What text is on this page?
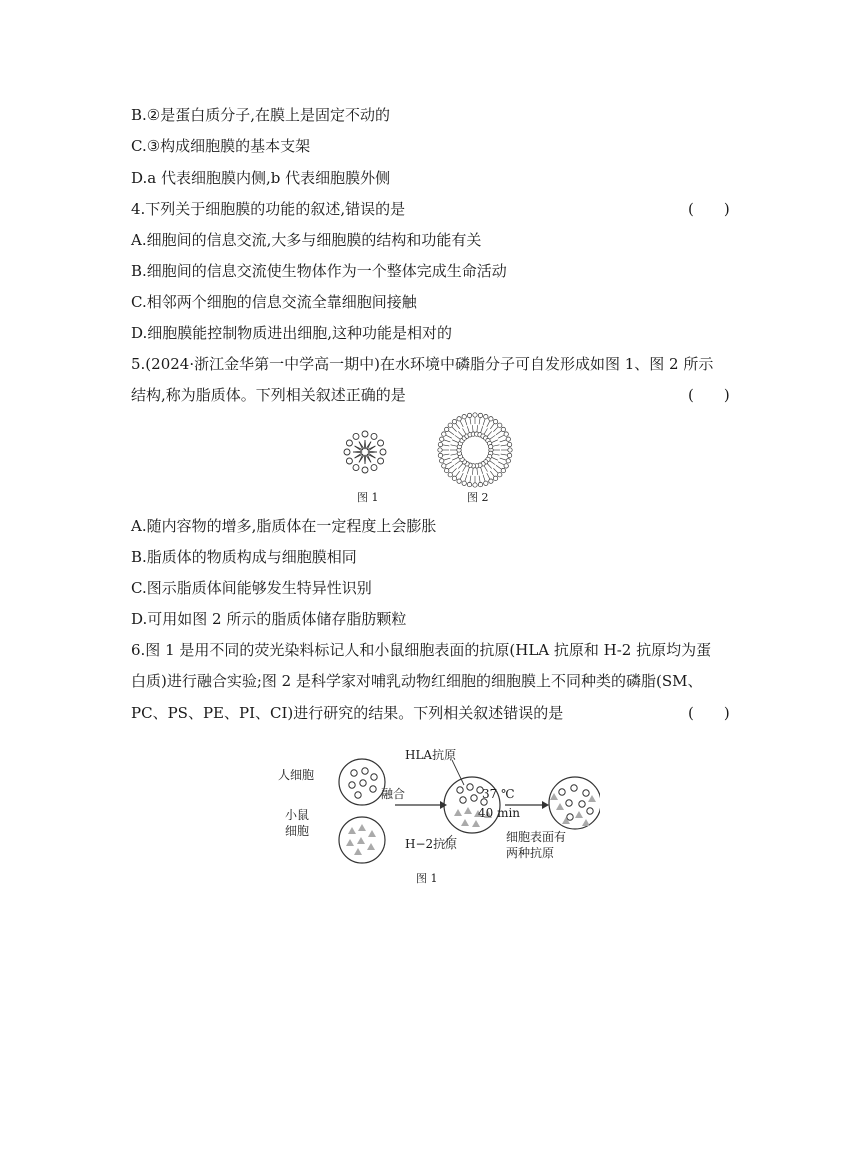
B.②是蛋白质分子,在膜上是固定不动的
C.③构成细胞膜的基本支架
D.a 代表细胞膜内侧,b 代表细胞膜外侧
4.下列关于细胞膜的功能的叙述,错误的是	(　　)
A.细胞间的信息交流,大多与细胞膜的结构和功能有关
B.细胞间的信息交流使生物体作为一个整体完成生命活动
C.相邻两个细胞的信息交流全靠细胞间接触
D.细胞膜能控制物质进出细胞,这种功能是相对的
5.(2024·浙江金华第一中学高一期中)在水环境中磷脂分子可自发形成如图 1、图 2 所示
结构,称为脂质体。下列相关叙述正确的是	(　　)
图 1	图 2
A.随内容物的增多,脂质体在一定程度上会膨胀
B.脂质体的物质构成与细胞膜相同
C.图示脂质体间能够发生特异性识别
D.可用如图 2 所示的脂质体储存脂肪颗粒
6.图 1 是用不同的荧光染料标记人和小鼠细胞表面的抗原(HLA 抗原和 H-2 抗原均为蛋
白质)进行融合实验;图 2 是科学家对哺乳动物红细胞的细胞膜上不同种类的磷脂(SM、
PC、PS、PE、PI、CI)进行研究的结果。下列相关叙述错误的是	(　　)
人细胞
小鼠
细胞
融合
HLA抗原
H−2抗原
37 ℃
40 min
细胞表面有
两种抗原
图 1
